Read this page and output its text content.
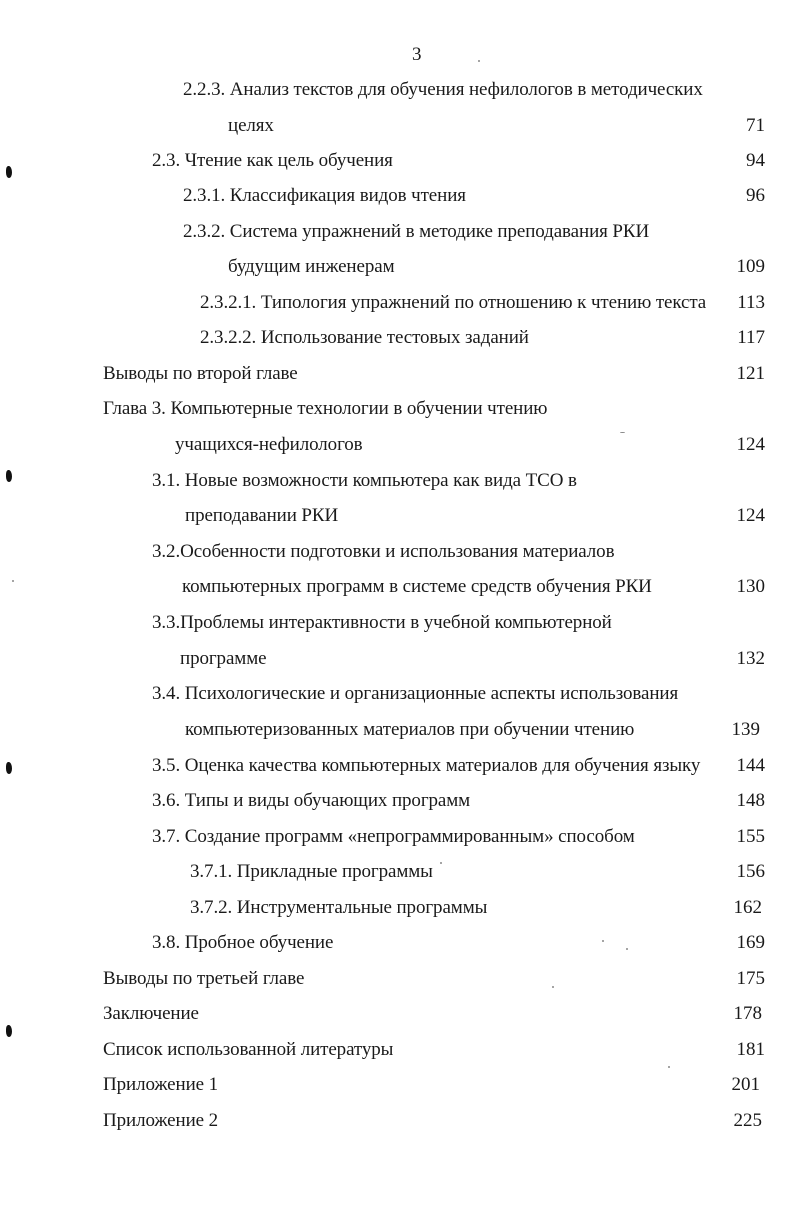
3
2.2.3. Анализ текстов для обучения нефилологов в методических
целях	71
2.3. Чтение как цель обучения	94
2.3.1. Классификация видов чтения	96
2.3.2. Система упражнений в методике преподавания РКИ
будущим инженерам	109
2.3.2.1. Типология упражнений по отношению к чтению текста	113
2.3.2.2. Использование тестовых заданий	117
Выводы по второй главе	121
Глава 3. Компьютерные технологии в обучении чтению
учащихся-нефилологов	124
3.1. Новые возможности компьютера как вида ТСО в
преподавании РКИ	124
3.2.Особенности подготовки и использования материалов
компьютерных программ в системе средств обучения РКИ	130
3.3.Проблемы интерактивности в учебной компьютерной
программе	132
3.4. Психологические и организационные аспекты использования
компьютеризованных материалов при обучении чтению	139
3.5. Оценка качества компьютерных материалов для обучения языку	144
3.6. Типы и виды обучающих программ	148
3.7. Создание программ «непрограммированным» способом	155
3.7.1. Прикладные программы	156
3.7.2. Инструментальные программы	162
3.8. Пробное обучение	169
Выводы по третьей главе	175
Заключение	178
Список использованной литературы	181
Приложение 1	201
Приложение 2	225
